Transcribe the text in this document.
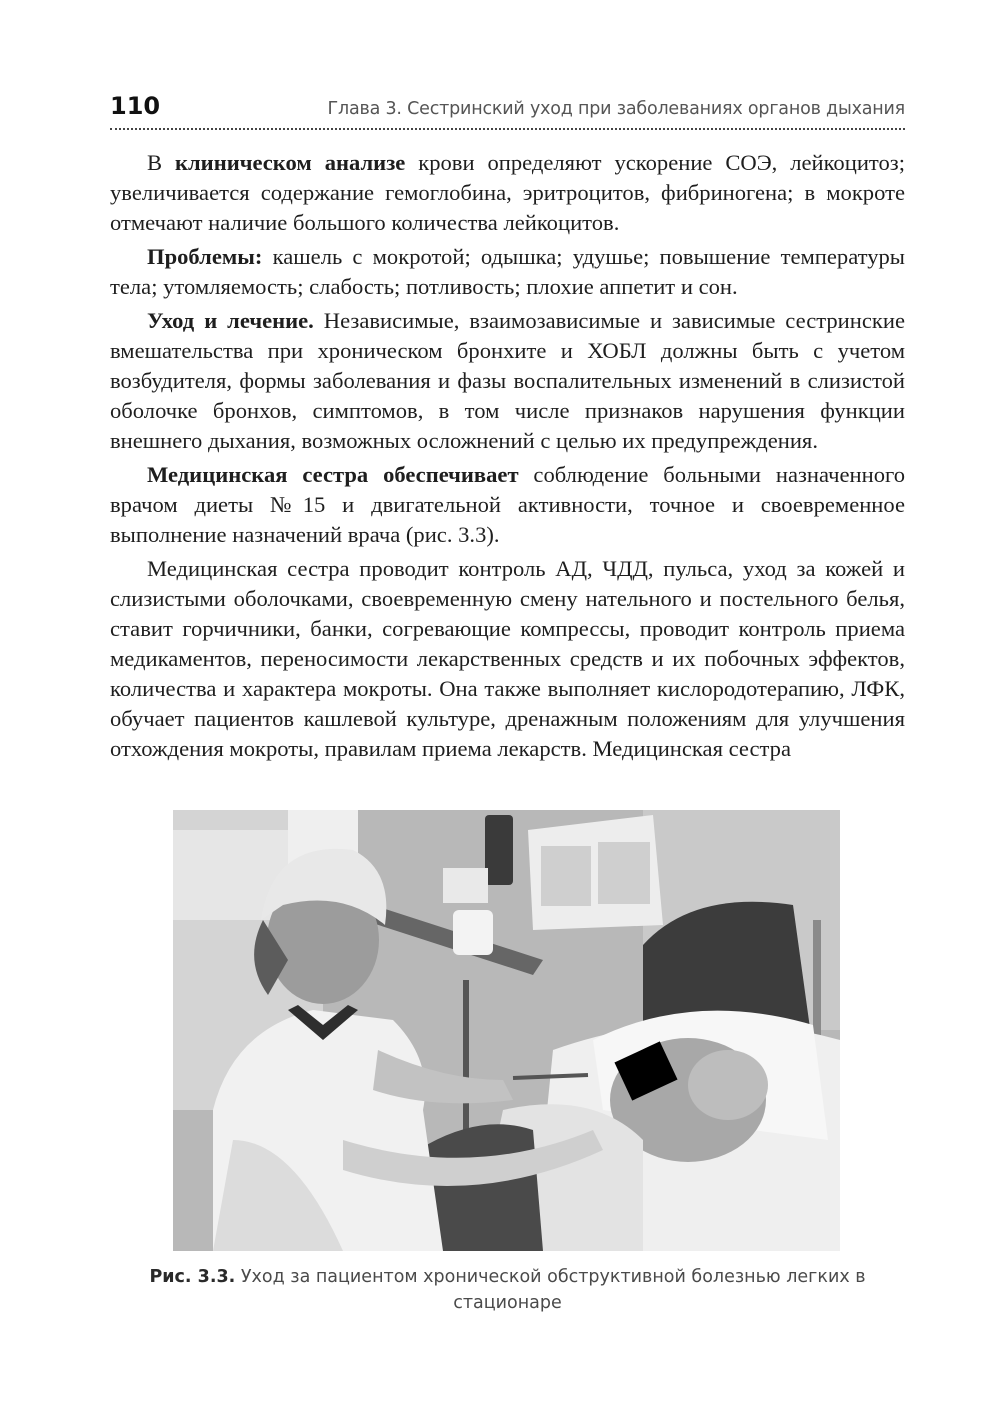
110	Глава 3. Сестринский уход при заболеваниях органов дыхания

В клиническом анализе крови определяют ускорение СОЭ, лейкоцитоз; увеличивается содержание гемоглобина, эритроцитов, фибриногена; в мокроте отмечают наличие большого количества лейкоцитов.

Проблемы: кашель с мокротой; одышка; удушье; повышение температуры тела; утомляемость; слабость; потливость; плохие аппетит и сон.

Уход и лечение. Независимые, взаимозависимые и зависимые сестринские вмешательства при хроническом бронхите и ХОБЛ должны быть с учетом возбудителя, формы заболевания и фазы воспалительных изменений в слизистой оболочке бронхов, симптомов, в том числе признаков нарушения функции внешнего дыхания, возможных осложнений с целью их предупреждения.

Медицинская сестра обеспечивает соблюдение больными назначенного врачом диеты №15 и двигательной активности, точное и своевременное выполнение назначений врача (рис. 3.3).

Медицинская сестра проводит контроль АД, ЧДД, пульса, уход за кожей и слизистыми оболочками, своевременную смену нательного и постельного белья, ставит горчичники, банки, согревающие компрессы, проводит контроль приема медикаментов, переносимости лекарственных средств и их побочных эффектов, количества и характера мокроты. Она также выполняет кислородотерапию, ЛФК, обучает пациентов кашлевой культуре, дренажным положениям для улучшения отхождения мокроты, правилам приема лекарств. Медицинская сестра

Рис. 3.3. Уход за пациентом хронической обструктивной болезнью легких в стационаре
